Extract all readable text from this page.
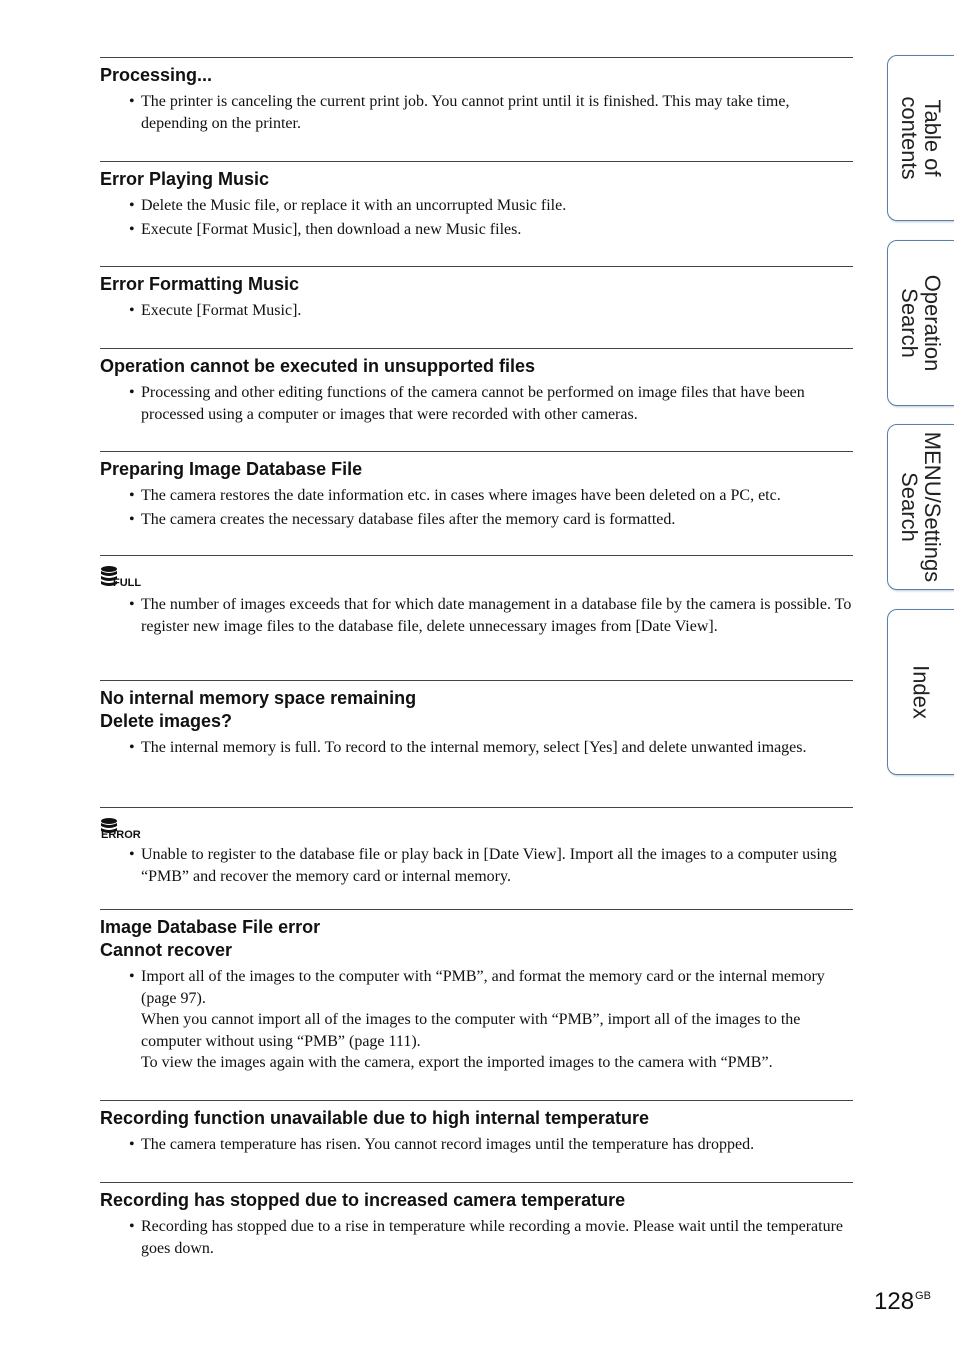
Processing...
• The printer is canceling the current print job. You cannot print until it is finished. This may take time, depending on the printer.
Error Playing Music
• Delete the Music file, or replace it with an uncorrupted Music file.
• Execute [Format Music], then download a new Music files.
Error Formatting Music
• Execute [Format Music].
Operation cannot be executed in unsupported files
• Processing and other editing functions of the camera cannot be performed on image files that have been processed using a computer or images that were recorded with other cameras.
Preparing Image Database File
• The camera restores the date information etc. in cases where images have been deleted on a PC, etc.
• The camera creates the necessary database files after the memory card is formatted.
FULL
• The number of images exceeds that for which date management in a database file by the camera is possible. To register new image files to the database file, delete unnecessary images from [Date View].
No internal memory space remaining
Delete images?
• The internal memory is full. To record to the internal memory, select [Yes] and delete unwanted images.
ERROR
• Unable to register to the database file or play back in [Date View]. Import all the images to a computer using “PMB” and recover the memory card or internal memory.
Image Database File error
Cannot recover
• Import all of the images to the computer with “PMB”, and format the memory card or the internal memory (page 97).
When you cannot import all of the images to the computer with “PMB”, import all of the images to the computer without using “PMB” (page 111).
To view the images again with the camera, export the imported images to the camera with “PMB”.
Recording function unavailable due to high internal temperature
• The camera temperature has risen. You cannot record images until the temperature has dropped.
Recording has stopped due to increased camera temperature
• Recording has stopped due to a rise in temperature while recording a movie. Please wait until the temperature goes down.
Table of
contents
Operation
Search
MENU/Settings
Search
Index
$128^{GB}$
